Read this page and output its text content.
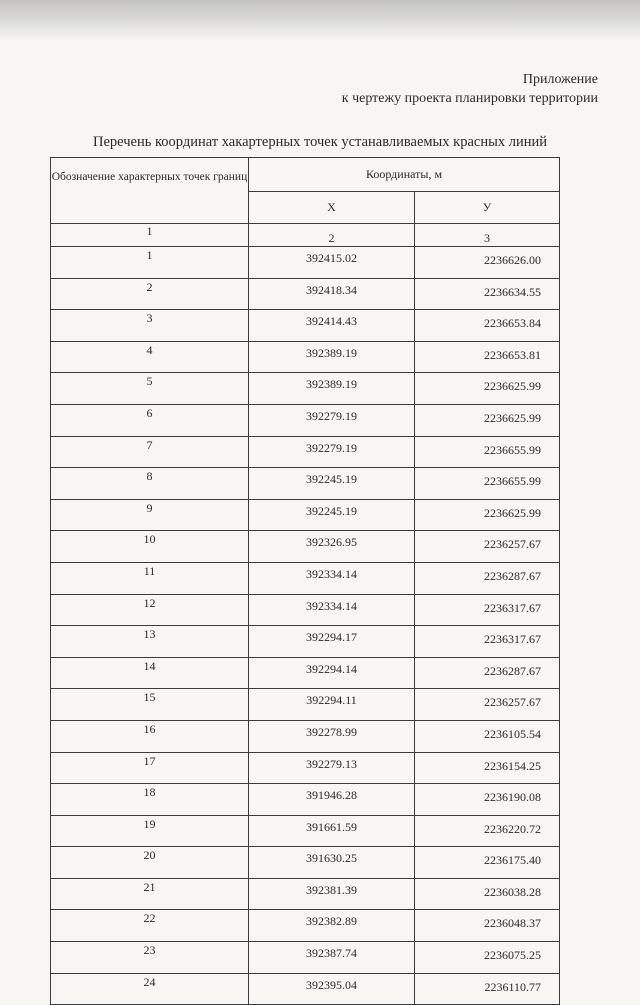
Приложение
к чертежу проекта планировки территории
Перечень координат хакартерных точек устанавливаемых красных линий
Обозначение характерных точек границ	Координаты, м	
	X	У
1	2	3
1	392415.02	2236626.00
2	392418.34	2236634.55
3	392414.43	2236653.84
4	392389.19	2236653.81
5	392389.19	2236625.99
6	392279.19	2236625.99
7	392279.19	2236655.99
8	392245.19	2236655.99
9	392245.19	2236625.99
10	392326.95	2236257.67
11	392334.14	2236287.67
12	392334.14	2236317.67
13	392294.17	2236317.67
14	392294.14	2236287.67
15	392294.11	2236257.67
16	392278.99	2236105.54
17	392279.13	2236154.25
18	391946.28	2236190.08
19	391661.59	2236220.72
20	391630.25	2236175.40
21	392381.39	2236038.28
22	392382.89	2236048.37
23	392387.74	2236075.25
24	392395.04	2236110.77
